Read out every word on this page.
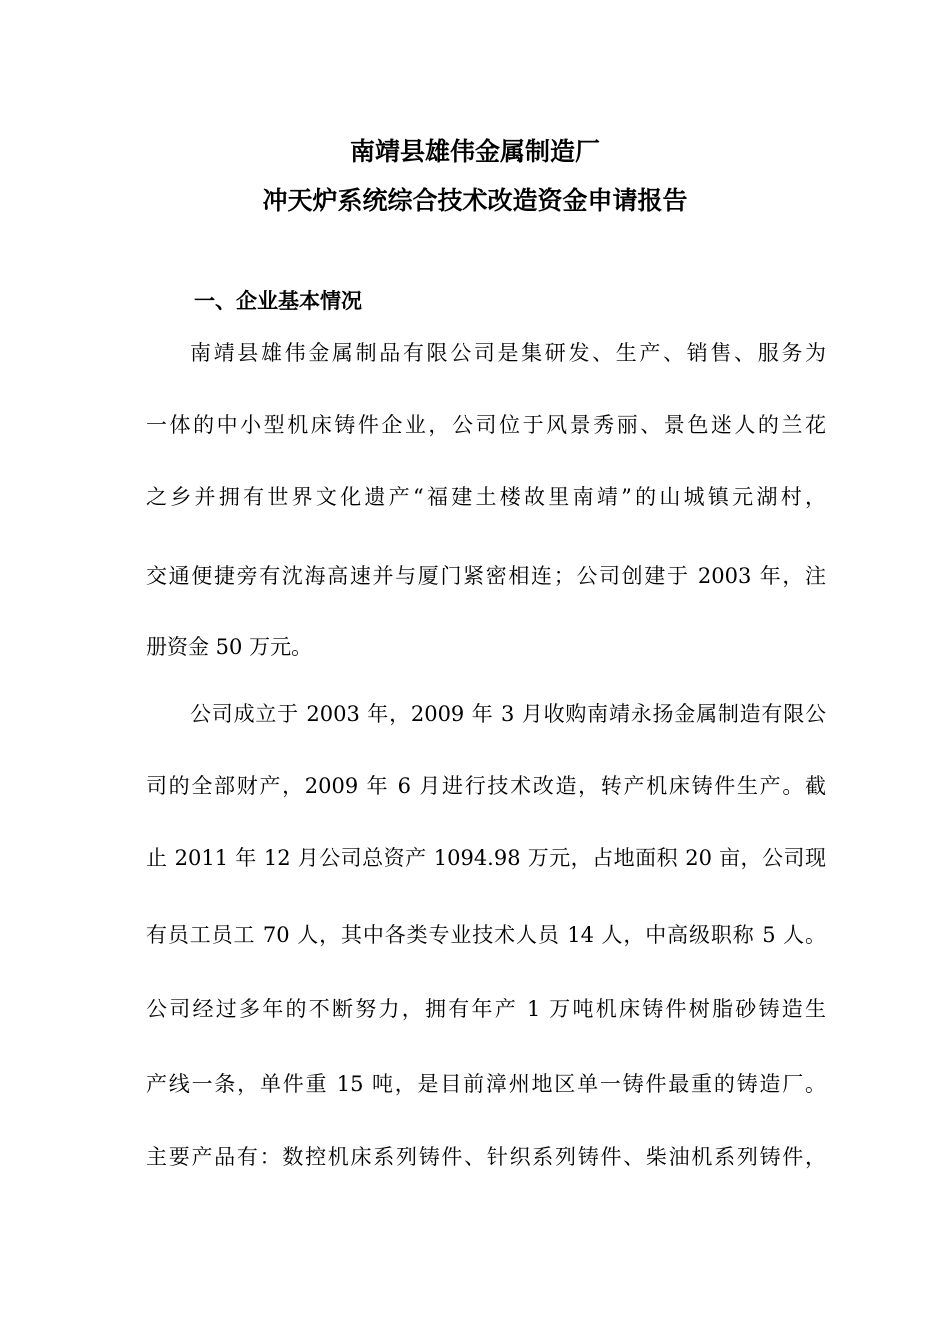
南靖县雄伟金属制造厂
冲天炉系统综合技术改造资金申请报告
一、企业基本情况
南靖县雄伟金属制品有限公司是集研发、生产、销售、服务为
一体的中小型机床铸件企业，公司位于风景秀丽、景色迷人的兰花
之乡并拥有世界文化遗产“福建土楼故里南靖”的山城镇元湖村，
交通便捷旁有沈海高速并与厦门紧密相连；公司创建于 2003 年，注
册资金 50 万元。
公司成立于 2003 年，2009 年 3 月收购南靖永扬金属制造有限公
司的全部财产，2009 年 6 月进行技术改造，转产机床铸件生产。截
止 2011 年 12 月公司总资产 1094.98 万元，占地面积 20 亩，公司现
有员工员工 70 人，其中各类专业技术人员 14 人，中高级职称 5 人。
公司经过多年的不断努力，拥有年产 1 万吨机床铸件树脂砂铸造生
产线一条，单件重 15 吨，是目前漳州地区单一铸件最重的铸造厂。
主要产品有：数控机床系列铸件、针织系列铸件、柴油机系列铸件，
